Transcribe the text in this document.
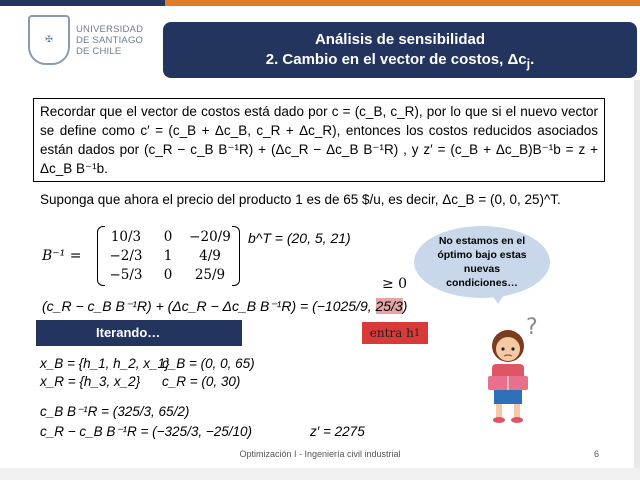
✠
UNIVERSIDAD
DE SANTIAGO
DE CHILE
Análisis de sensibilidad
2. Cambio en el vector de costos, $\Delta c_j$.
Recordar que el vector de costos está dado por c = (c_B, c_R), por lo que si el nuevo vector se define como c′ = (c_B + Δc_B, c_R + Δc_R), entonces los costos reducidos asociados están dados por (c_R − c_B B⁻¹R) + (Δc_R − Δc_B B⁻¹R) , y z′ = (c_B + Δc_B)B⁻¹b = z + Δc_B B⁻¹b.
Suponga que ahora el precio del producto 1 es de 65 $/u, es decir, Δc_B = (0, 0, 25)^T.
B⁻¹ =
10/3	0	−20/9
−2/3	1	4/9
−5/3	0	25/9
b^T = (20, 5, 21)	No estamos en el óptimo bajo estas nuevas condiciones…
≥ 0
(c_R − c_B B⁻¹R) + (Δc_R − Δc_B B⁻¹R) = (−1025/9, 25/3)
Iterando…	entra h 1
x_B = {h_1, h_2, x_1}
c_B = (0, 0, 65)
x_R = {h_3, x_2} c_R = (0, 30)
c_B B⁻¹R = (325/3, 65/2)
c_R − c_B B⁻¹R = (−325/3, −25/10)	z′ = 2275
?
Optimización I - Ingeniería civil industrial	6
